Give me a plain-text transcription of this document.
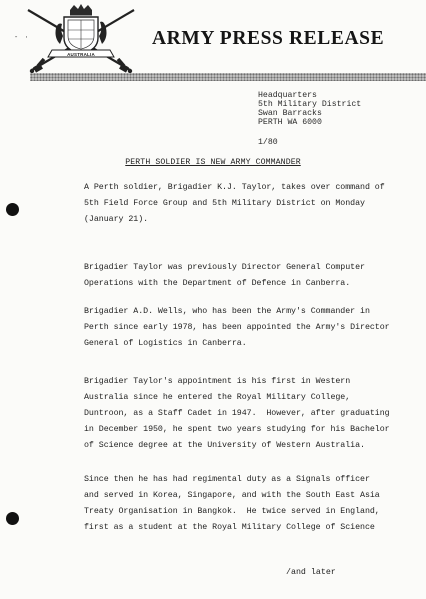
AUSTRALIA
- ·	ARMY PRESS RELEASE
Headquarters
5th Military District
Swan Barracks
PERTH WA 6000
1/80
PERTH SOLDIER IS NEW ARMY COMMANDER
A Perth soldier, Brigadier K.J. Taylor, takes over command of
5th Field Force Group and 5th Military District on Monday
(January 21).
Brigadier Taylor was previously Director General Computer
Operations with the Department of Defence in Canberra.
Brigadier A.D. Wells, who has been the Army's Commander in
Perth since early 1978, has been appointed the Army's Director
General of Logistics in Canberra.
Brigadier Taylor's appointment is his first in Western
Australia since he entered the Royal Military College,
Duntroon, as a Staff Cadet in 1947.  However, after graduating
in December 1950, he spent two years studying for his Bachelor
of Science degree at the University of Western Australia.
Since then he has had regimental duty as a Signals officer
and served in Korea, Singapore, and with the South East Asia
Treaty Organisation in Bangkok.  He twice served in England,
first as a student at the Royal Military College of Science
/and later
